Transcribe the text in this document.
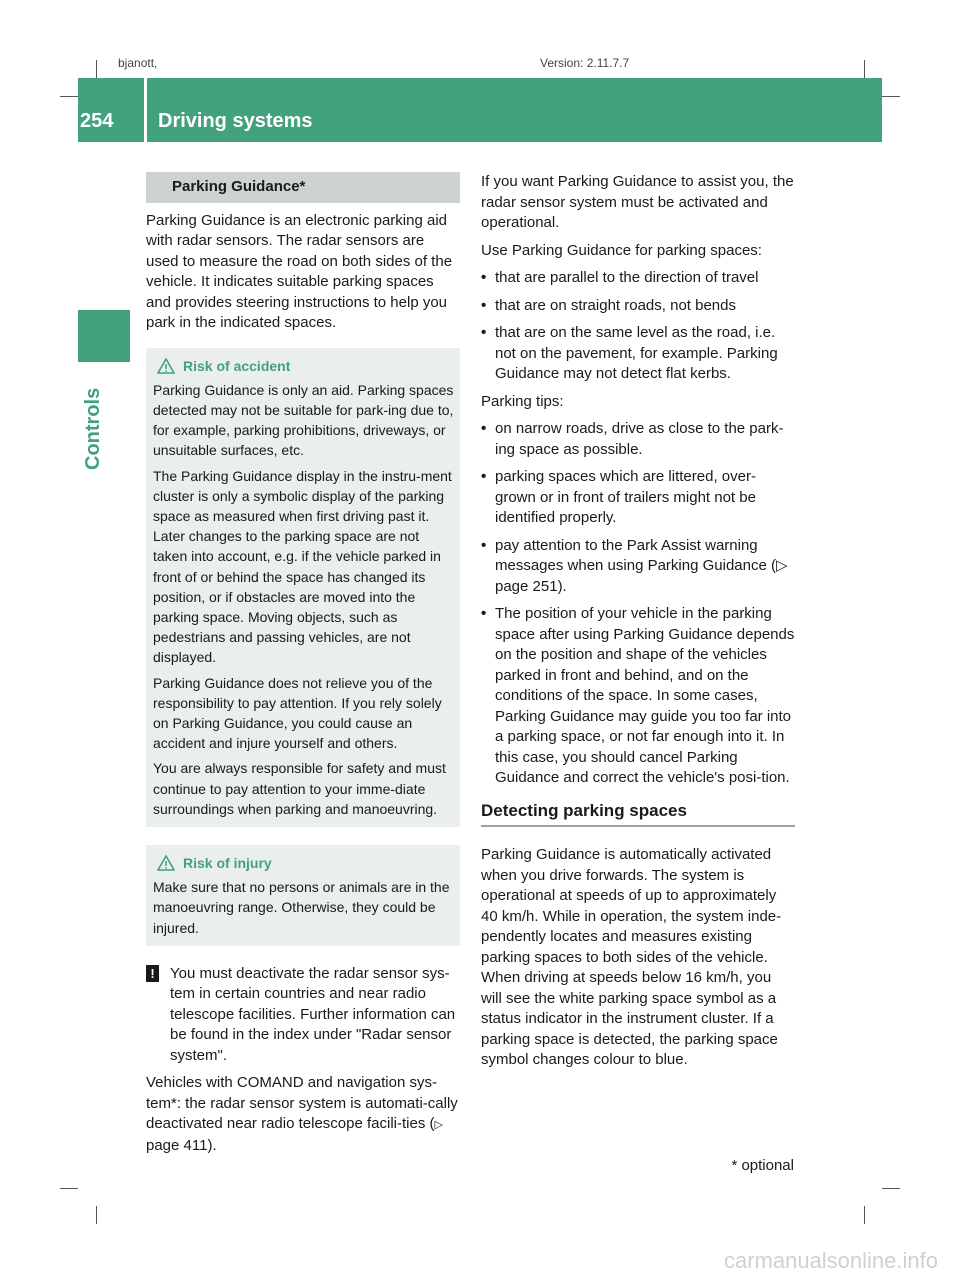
bjanott,	Version: 2.11.7.7
254	Driving systems
Controls
Parking Guidance*

Parking Guidance is an electronic parking aid with radar sensors. The radar sensors are used to measure the road on both sides of the vehicle. It indicates suitable parking spaces and provides steering instructions to help you park in the indicated spaces.

Risk of accident

Parking Guidance is only an aid. Parking spaces detected may not be suitable for park-ing due to, for example, parking prohibitions, driveways, or unsuitable surfaces, etc.

The Parking Guidance display in the instru-ment cluster is only a symbolic display of the parking space as measured when first driving past it. Later changes to the parking space are not taken into account, e.g. if the vehicle parked in front of or behind the space has changed its position, or if obstacles are moved into the parking space. Moving objects, such as pedestrians and passing vehicles, are not displayed.

Parking Guidance does not relieve you of the responsibility to pay attention. If you rely solely on Parking Guidance, you could cause an accident and injure yourself and others.

You are always responsible for safety and must continue to pay attention to your imme-diate surroundings when parking and manoeuvring.

Risk of injury

Make sure that no persons or animals are in the manoeuvring range. Otherwise, they could be injured.

! You must deactivate the radar sensor sys-tem in certain countries and near radio telescope facilities. Further information can be found in the index under "Radar sensor system".

Vehicles with COMAND and navigation sys-tem*: the radar sensor system is automati-cally deactivated near radio telescope facili-ties (▷ page 411).

If you want Parking Guidance to assist you, the radar sensor system must be activated and operational.

Use Parking Guidance for parking spaces:

• that are parallel to the direction of travel
• that are on straight roads, not bends
• that are on the same level as the road, i.e. not on the pavement, for example. Parking Guidance may not detect flat kerbs.

Parking tips:

• on narrow roads, drive as close to the park-ing space as possible.
• parking spaces which are littered, over-grown or in front of trailers might not be identified properly.
• pay attention to the Park Assist warning messages when using Parking Guidance (▷ page 251).
• The position of your vehicle in the parking space after using Parking Guidance depends on the position and shape of the vehicles parked in front and behind, and on the conditions of the space. In some cases, Parking Guidance may guide you too far into a parking space, or not far enough into it. In this case, you should cancel Parking Guidance and correct the vehicle's posi-tion.
Detecting parking spaces

Parking Guidance is automatically activated when you drive forwards. The system is operational at speeds of up to approximately 40 km/h. While in operation, the system inde-pendently locates and measures existing parking spaces to both sides of the vehicle. When driving at speeds below 16 km/h, you will see the white parking space symbol as a status indicator in the instrument cluster. If a parking space is detected, the parking space symbol changes colour to blue.

* optional
carmanualsonline.info
